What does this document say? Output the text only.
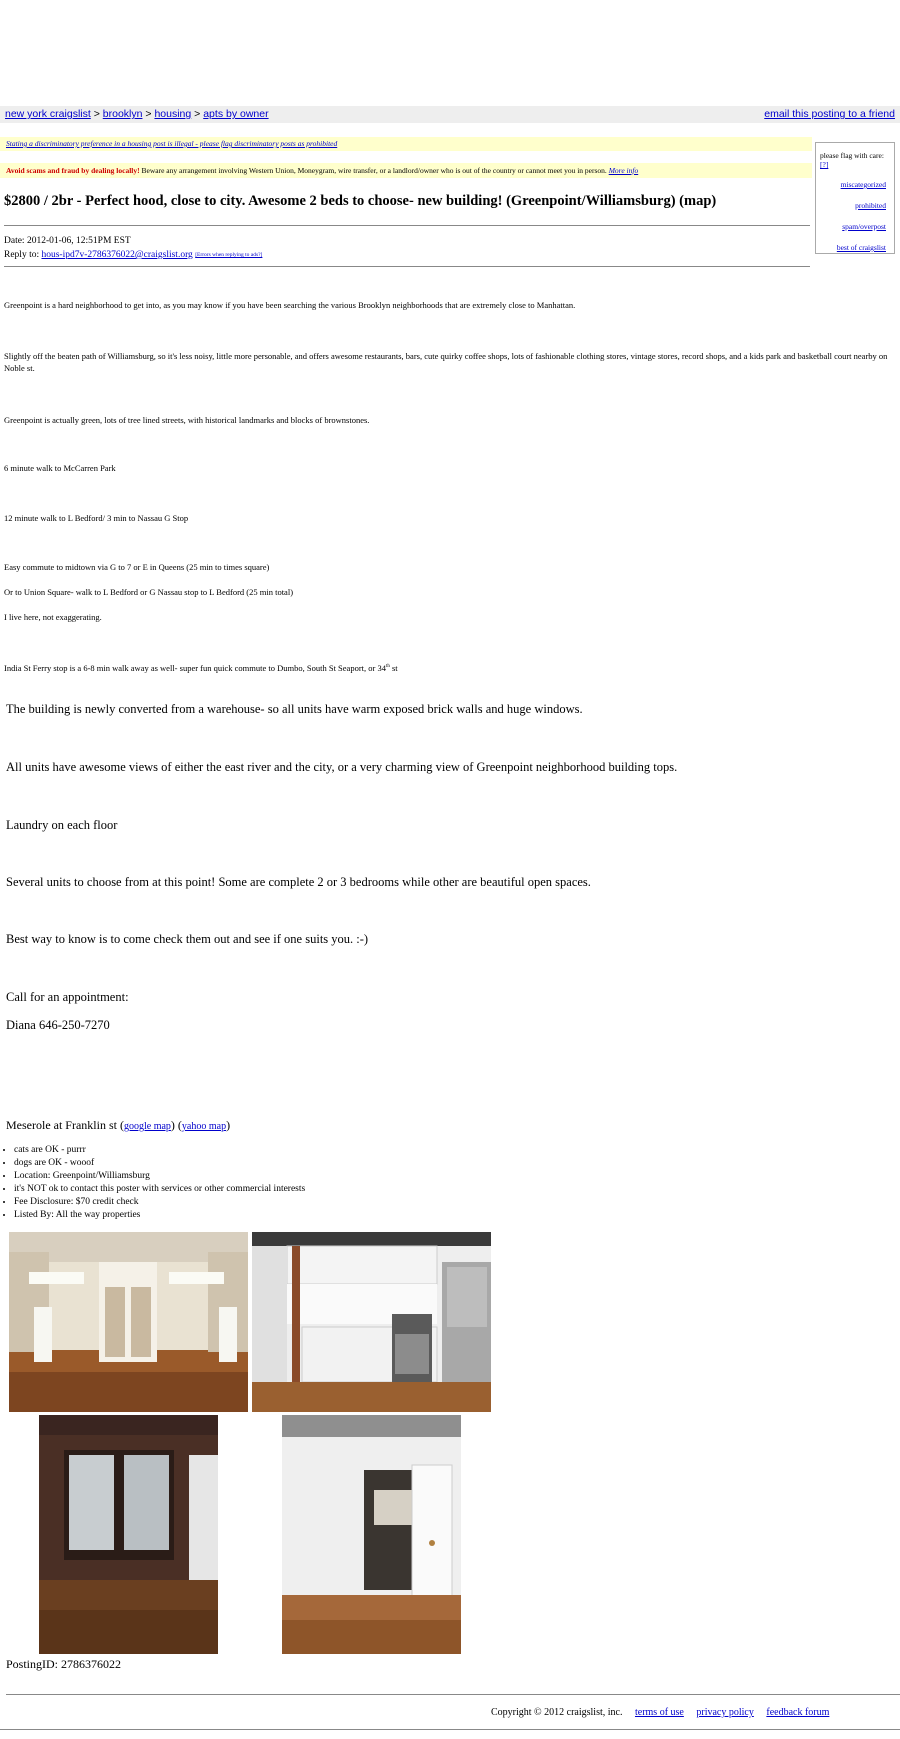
new york craigslist > brooklyn > housing > apts by owner	email this posting to a friend
Stating a discriminatory preference in a housing post is illegal - please flag discriminatory posts as prohibited
Avoid scams and fraud by dealing locally! Beware any arrangement involving Western Union, Moneygram, wire transfer, or a landlord/owner who is out of the country or cannot meet you in person. More info
please flag with care: [?]
miscategorized
prohibited
spam/overpost
best of craigslist
$2800 / 2br - Perfect hood, close to city. Awesome 2 beds to choose- new building! (Greenpoint/Williamsburg) (map)
Date: 2012-01-06, 12:51PM EST
Reply to: hous-ipd7v-2786376022@craigslist.org [Errors when replying to ads?]
Greenpoint is a hard neighborhood to get into, as you may know if you have been searching the various Brooklyn neighborhoods that are extremely close to Manhattan.
Slightly off the beaten path of Williamsburg, so it's less noisy, little more personable, and offers awesome restaurants, bars, cute quirky coffee shops, lots of fashionable clothing stores, vintage stores, record shops, and a kids park and basketball court nearby on Noble st.
Greenpoint is actually green, lots of tree lined streets, with historical landmarks and blocks of brownstones.
6 minute walk to McCarren Park
12 minute walk to L Bedford/ 3 min to Nassau G Stop
Easy commute to midtown via G to 7 or E in Queens (25 min to times square)
Or to Union Square- walk to L Bedford or G Nassau stop to L Bedford (25 min total)
I live here, not exaggerating.
India St Ferry stop is a 6-8 min walk away as well- super fun quick commute to Dumbo, South St Seaport, or 34th st
The building is newly converted from a warehouse- so all units have warm exposed brick walls and huge windows.
All units have awesome views of either the east river and the city, or a very charming view of Greenpoint neighborhood building tops.
Laundry on each floor
Several units to choose from at this point! Some are complete 2 or 3 bedrooms while other are beautiful open spaces.
Best way to know is to come check them out and see if one suits you. :-)
Call for an appointment:
Diana 646-250-7270
Meserole at Franklin st (google map) (yahoo map)
• cats are OK - purrr
• dogs are OK - wooof
• Location: Greenpoint/Williamsburg
• it's NOT ok to contact this poster with services or other commercial interests
• Fee Disclosure: $70 credit check
• Listed By: All the way properties
PostingID: 2786376022
Copyright © 2012 craigslist, inc. terms of use privacy policy feedback forum
